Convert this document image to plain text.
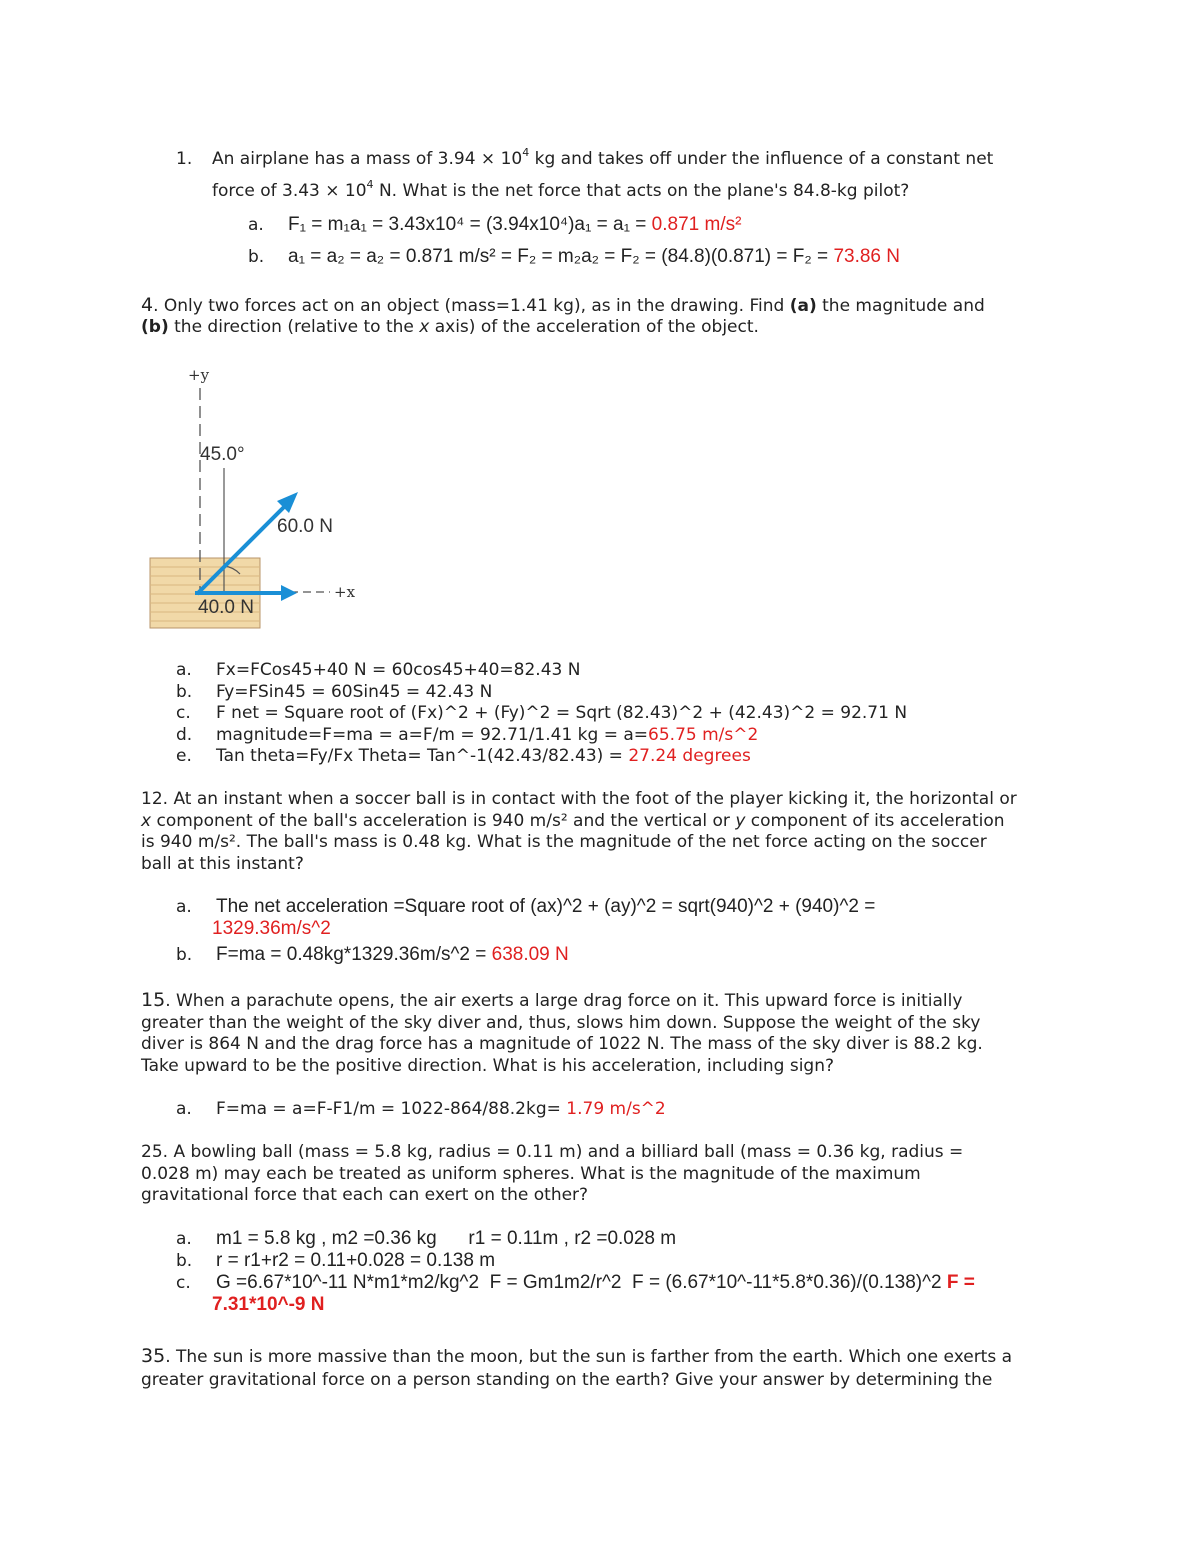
1. An airplane has a mass of $3.94 \times 10^4$ kg and takes off under the influence of a constant net
force of $3.43 \times 10^4$ N. What is the net force that acts on the plane's 84.8-kg pilot?
a. F₁ = m₁a₁ = 3.43x10⁴ = (3.94x10⁴)a₁ = a₁ = 0.871 m/s²
b. a₁ = a₂ = a₂ = 0.871 m/s² = F₂ = m₂a₂ = F₂ = (84.8)(0.871) = F₂ = 73.86 N
4. Only two forces act on an object (mass=1.41 kg), as in the drawing. Find (a) the magnitude and
(b) the direction (relative to the x axis) of the acceleration of the object.
+y
45.0°
60.0 N
40.0 N
+x
a. Fx=FCos45+40 N = 60cos45+40=82.43 N
b. Fy=FSin45 = 60Sin45 = 42.43 N
c. F net = Square root of (Fx)^2 + (Fy)^2 = Sqrt (82.43)^2 + (42.43)^2 = 92.71 N
d. magnitude=F=ma = a=F/m = 92.71/1.41 kg = a=65.75 m/s^2
e. Tan theta=Fy/Fx Theta= Tan^-1(42.43/82.43) = 27.24 degrees
12. At an instant when a soccer ball is in contact with the foot of the player kicking it, the horizontal or
x component of the ball's acceleration is 940 m/s² and the vertical or y component of its acceleration
is 940 m/s². The ball's mass is 0.48 kg. What is the magnitude of the net force acting on the soccer
ball at this instant?
a. The net acceleration =Square root of (ax)^2 + (ay)^2 = sqrt(940)^2 + (940)^2 =
1329.36m/s^2
b. F=ma = 0.48kg*1329.36m/s^2 = 638.09 N
15. When a parachute opens, the air exerts a large drag force on it. This upward force is initially
greater than the weight of the sky diver and, thus, slows him down. Suppose the weight of the sky
diver is 864 N and the drag force has a magnitude of 1022 N. The mass of the sky diver is 88.2 kg.
Take upward to be the positive direction. What is his acceleration, including sign?
a. F=ma = a=F-F1/m = 1022-864/88.2kg= 1.79 m/s^2
25. A bowling ball (mass = 5.8 kg, radius = 0.11 m) and a billiard ball (mass = 0.36 kg, radius =
0.028 m) may each be treated as uniform spheres. What is the magnitude of the maximum
gravitational force that each can exert on the other?
a. m1 = 5.8 kg , m2 =0.36 kg      r1 = 0.11m , r2 =0.028 m
b. r = r1+r2 = 0.11+0.028 = 0.138 m
c. G =6.67*10^-11 N*m1*m2/kg^2  F = Gm1m2/r^2  F = (6.67*10^-11*5.8*0.36)/(0.138)^2 F =
7.31*10^-9 N
35. The sun is more massive than the moon, but the sun is farther from the earth. Which one exerts a
greater gravitational force on a person standing on the earth? Give your answer by determining the
